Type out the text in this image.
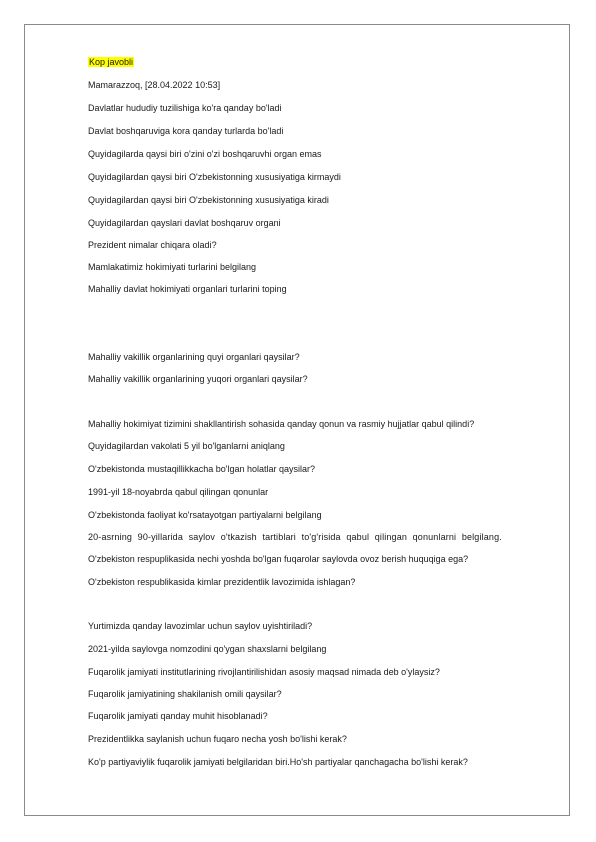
Kop javobli
Mamarazzoq, [28.04.2022 10:53]
Davlatlar hududiy tuzilishiga ko'ra qanday bo'ladi
Davlat boshqaruviga kora qanday turlarda bo'ladi
Quyidagilarda qaysi biri o'zini o'zi boshqaruvhi organ emas
Quyidagilardan qaysi biri O'zbekistonning xususiyatiga kirmaydi
Quyidagilardan qaysi biri O'zbekistonning xususiyatiga kiradi
Quyidagilardan qayslari davlat boshqaruv organi
Prezident nimalar chiqara oladi?
Mamlakatimiz hokimiyati turlarini belgilang
Mahalliy davlat hokimiyati organlari turlarini toping
Mahalliy vakillik organlarining quyi organlari qaysilar?
Mahalliy vakillik organlarining yuqori organlari qaysilar?
Mahalliy hokimiyat tizimini shakllantirish sohasida qanday qonun va rasmiy hujjatlar qabul qilindi?
Quyidagilardan vakolati 5 yil bo'lganlarni aniqlang
O'zbekistonda mustaqillikkacha bo'lgan holatlar qaysilar?
1991-yil 18-noyabrda qabul qilingan qonunlar
O'zbekistonda faoliyat ko'rsatayotgan partiyalarni belgilang
20-asrning 90-yillarida saylov o'tkazish tartiblari to'g'risida qabul qilingan qonunlarni belgilang.
O'zbekiston respuplikasida nechi yoshda bo'lgan fuqarolar saylovda ovoz berish huquqiga ega?
O'zbekiston respublikasida kimlar prezidentlik lavozimida ishlagan?
Yurtimizda qanday lavozimlar uchun saylov uyishtiriladi?
2021-yilda saylovga nomzodini qo'ygan shaxslarni belgilang
Fuqarolik jamiyati institutlarining rivojlantirilishidan asosiy maqsad nimada deb o'ylaysiz?
Fuqarolik jamiyatining shakilanish omili qaysilar?
Fuqarolik jamiyati qanday muhit hisoblanadi?
Prezidentlikka saylanish uchun fuqaro necha yosh bo'lishi kerak?
Ko'p partiyaviylik fuqarolik jamiyati belgilaridan biri.Ho'sh partiyalar qanchagacha bo'lishi kerak?
